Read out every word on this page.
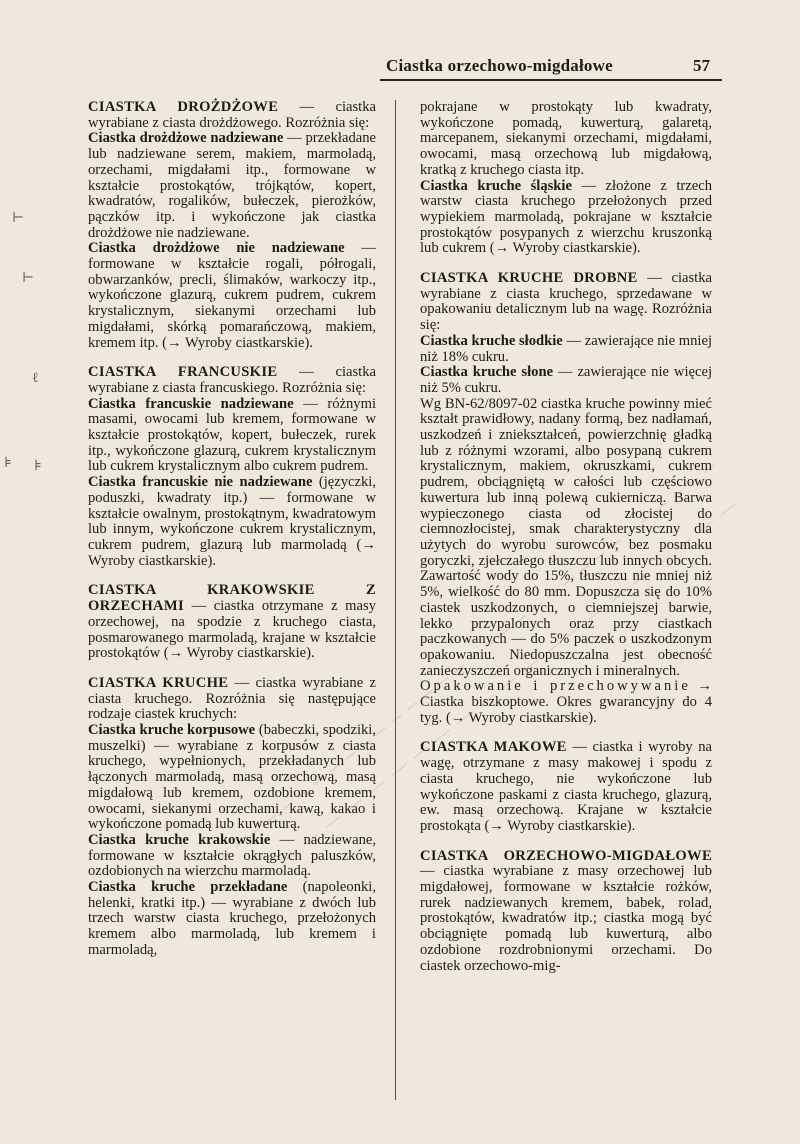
Ciastka orzechowo-migdałowe	57
⊢
⊢
ℓ
⊧ ⊧

CIASTKA DROŻDŻOWE — ciastka wyrabiane z ciasta drożdżowego. Rozróżnia się:

Ciastka drożdżowe nadziewane — przekładane lub nadziewane serem, makiem, marmoladą, orzechami, migdałami itp., formowane w kształcie prostokątów, trójkątów, kopert, kwadratów, rogalików, bułeczek, pierożków, pączków itp. i wykończone jak ciastka drożdżowe nie nadziewane.

Ciastka drożdżowe nie nadziewane — formowane w kształcie rogali, półrogali, obwarzanków, precli, ślimaków, warkoczy itp., wykończone glazurą, cukrem pudrem, cukrem krystalicznym, siekanymi orzechami lub migdałami, skórką pomarańczową, makiem, kremem itp. (→ Wyroby ciastkarskie).

CIASTKA FRANCUSKIE — ciastka wyrabiane z ciasta francuskiego. Rozróżnia się:

Ciastka francuskie nadziewane — różnymi masami, owocami lub kremem, formowane w kształcie prostokątów, kopert, bułeczek, rurek itp., wykończone glazurą, cukrem krystalicznym lub cukrem krystalicznym albo cukrem pudrem.

Ciastka francuskie nie nadziewane (języczki, poduszki, kwadraty itp.) — formowane w kształcie owalnym, prostokątnym, kwadratowym lub innym, wykończone cukrem krystalicznym, cukrem pudrem, glazurą lub marmoladą (→ Wyroby ciastkarskie).

CIASTKA KRAKOWSKIE Z ORZECHAMI — ciastka otrzymane z masy orzechowej, na spodzie z kruchego ciasta, posmarowanego marmoladą, krajane w kształcie prostokątów (→ Wyroby ciastkarskie).

CIASTKA KRUCHE — ciastka wyrabiane z ciasta kruchego. Rozróżnia się następujące rodzaje ciastek kruchych:

Ciastka kruche korpusowe (babeczki, spodziki, muszelki) — wyrabiane z korpusów z ciasta kruchego, wypełnionych, przekładanych lub łączonych marmoladą, masą orzechową, masą migdałową lub kremem, ozdobione kremem, owocami, siekanymi orzechami, kawą, kakao i wykończone pomadą lub kuwerturą.

Ciastka kruche krakowskie — nadziewane, formowane w kształcie okrągłych paluszków, ozdobionych na wierzchu marmoladą.

Ciastka kruche przekładane (napoleonki, helenki, kratki itp.) — wyrabiane z dwóch lub trzech warstw ciasta kruchego, przełożonych kremem albo marmoladą, lub kremem i marmoladą,

pokrajane w prostokąty lub kwadraty, wykończone pomadą, kuwerturą, galaretą, marcepanem, siekanymi orzechami, migdałami, owocami, masą orzechową lub migdałową, kratką z kruchego ciasta itp.

Ciastka kruche śląskie — złożone z trzech warstw ciasta kruchego przełożonych przed wypiekiem marmoladą, pokrajane w kształcie prostokątów posypanych z wierzchu kruszonką lub cukrem (→ Wyroby ciastkarskie).

CIASTKA KRUCHE DROBNE — ciastka wyrabiane z ciasta kruchego, sprzedawane w opakowaniu detalicznym lub na wagę. Rozróżnia się:

Ciastka kruche słodkie — zawierające nie mniej niż 18% cukru.

Ciastka kruche słone — zawierające nie więcej niż 5% cukru.

Wg BN-62/8097-02 ciastka kruche powinny mieć kształt prawidłowy, nadany formą, bez nadłamań, uszkodzeń i zniekształceń, powierzchnię gładką lub z różnymi wzorami, albo posypaną cukrem krystalicznym, makiem, okruszkami, cukrem pudrem, obciągniętą w całości lub częściowo kuwertura lub inną polewą cukierniczą. Barwa wypieczonego ciasta od złocistej do ciemnozłocistej, smak charakterystyczny dla użytych do wyrobu surowców, bez posmaku goryczki, zjełczałego tłuszczu lub innych obcych. Zawartość wody do 15%, tłuszczu nie mniej niż 5%, wielkość do 80 mm. Dopuszcza się do 10% ciastek uszkodzonych, o ciemniejszej barwie, lekko przypalonych oraz przy ciastkach paczkowanych — do 5% paczek o uszkodzonym opakowaniu. Niedopuszczalna jest obecność zanieczyszczeń organicznych i mineralnych.

Opakowanie i przechowywanie → Ciastka biszkoptowe. Okres gwarancyjny do 4 tyg. (→ Wyroby ciastkarskie).

CIASTKA MAKOWE — ciastka i wyroby na wagę, otrzymane z masy makowej i spodu z ciasta kruchego, nie wykończone lub wykończone paskami z ciasta kruchego, glazurą, ew. masą orzechową. Krajane w kształcie prostokąta (→ Wyroby ciastkarskie).

CIASTKA ORZECHOWO-MIGDAŁOWE — ciastka wyrabiane z masy orzechowej lub migdałowej, formowane w kształcie rożków, rurek nadziewanych kremem, babek, rolad, prostokątów, kwadratów itp.; ciastka mogą być obciągnięte pomadą lub kuwerturą, albo ozdobione rozdrobnionymi orzechami. Do ciastek orzechowo-mig-
